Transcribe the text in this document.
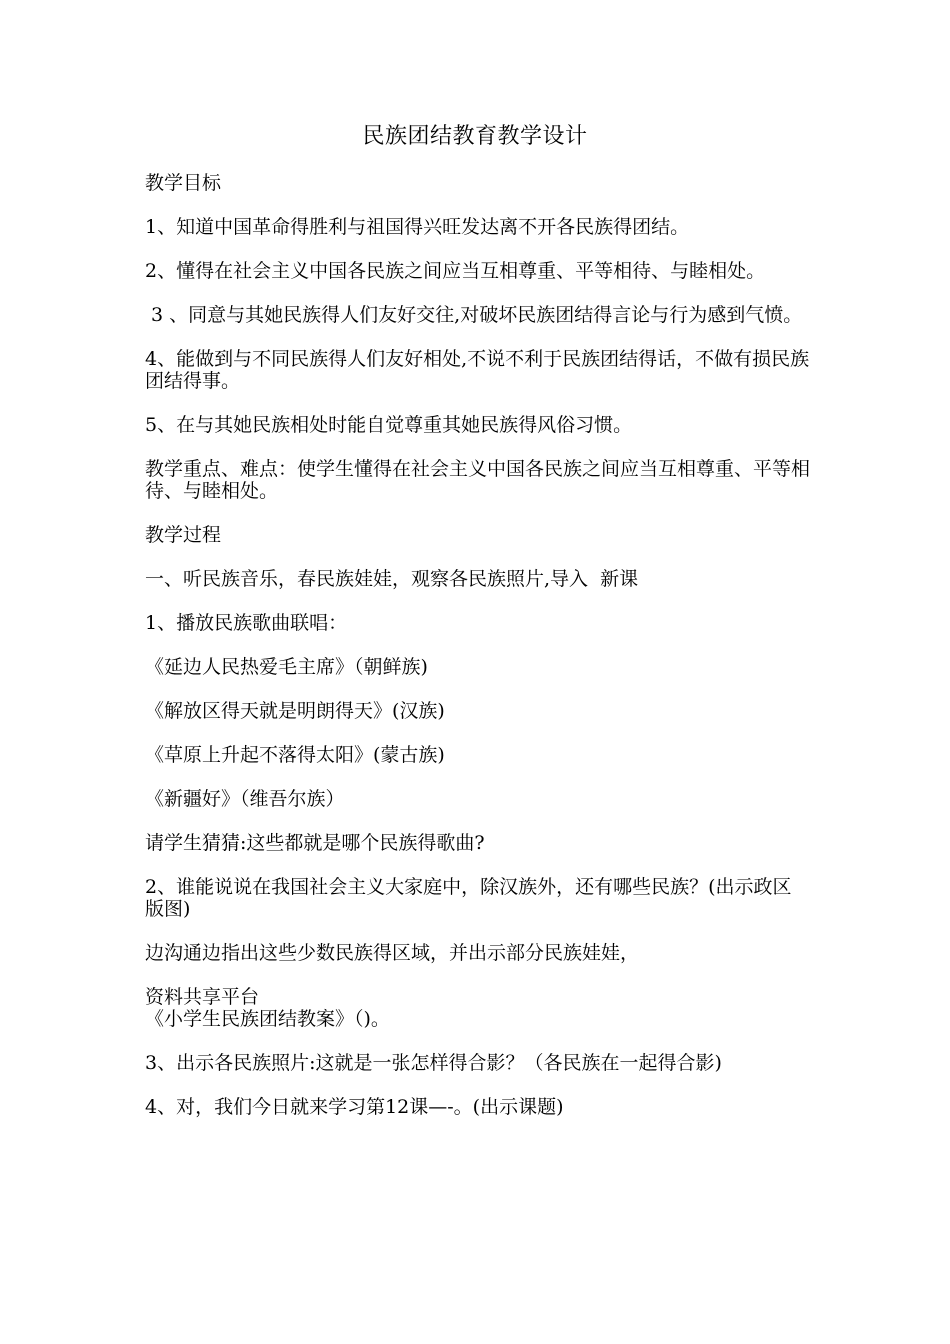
民族团结教育教学设计
教学目标
1、知道中国革命得胜利与祖国得兴旺发达离不开各民族得团结。
2、懂得在社会主义中国各民族之间应当互相尊重、平等相待、与睦相处。
3 、同意与其她民族得人们友好交往,对破坏民族团结得言论与行为感到气愤。
4、能做到与不同民族得人们友好相处,不说不利于民族团结得话，不做有损民族团结得事。
5、在与其她民族相处时能自觉尊重其她民族得风俗习惯。
教学重点、难点：使学生懂得在社会主义中国各民族之间应当互相尊重、平等相待、与睦相处。
教学过程
一、听民族音乐，春民族娃娃，观察各民族照片,导入  新课
1、播放民族歌曲联唱：
《延边人民热爱毛主席》（朝鲜族)
《解放区得天就是明朗得天》(汉族)
《草原上升起不落得太阳》(蒙古族)
《新疆好》（维吾尔族）
请学生猜猜:这些都就是哪个民族得歌曲?
2、谁能说说在我国社会主义大家庭中，除汉族外，还有哪些民族？(出示政区版图)
边沟通边指出这些少数民族得区域，并出示部分民族娃娃，
资料共享平台
《小学生民族团结教案》（)。
3、出示各民族照片:这就是一张怎样得合影？（各民族在一起得合影)
4、对，我们今日就来学习第12课—-。(出示课题)
